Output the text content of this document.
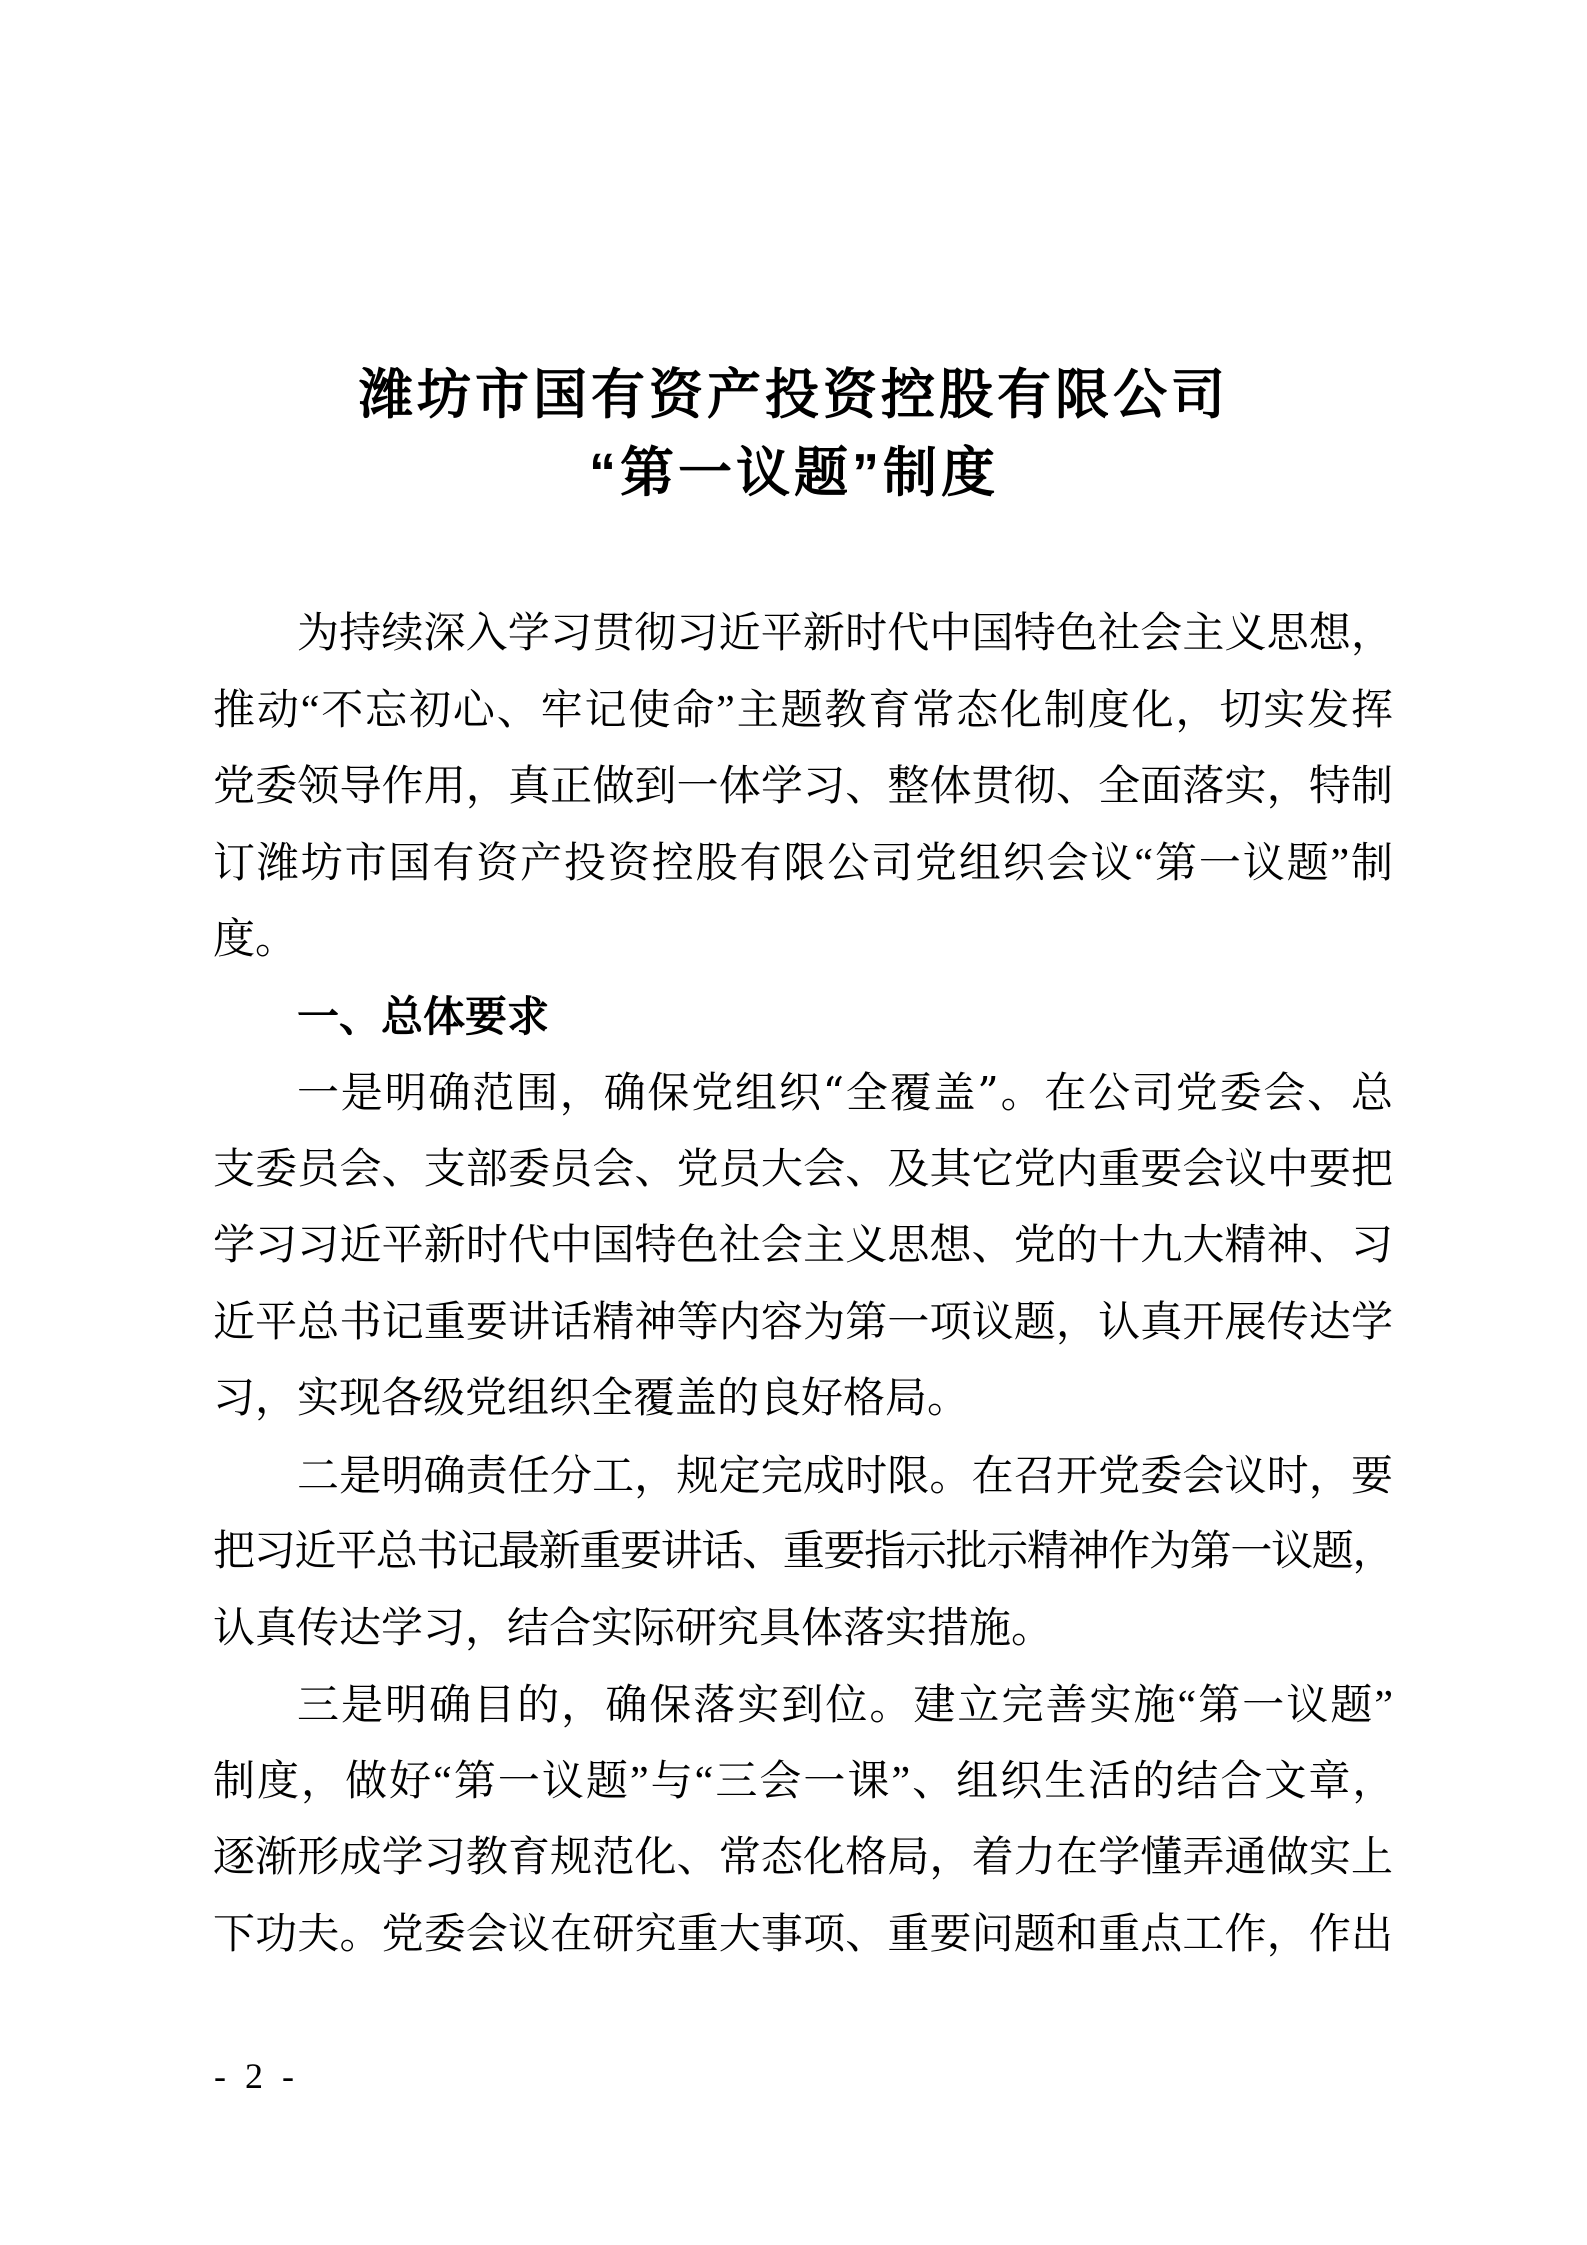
潍坊市国有资产投资控股有限公司
“第一议题”制度
为持续深入学习贯彻习近平新时代中国特色社会主义思想，
推动“不忘初心、牢记使命”主题教育常态化制度化，切实发挥
党委领导作用，真正做到一体学习、整体贯彻、全面落实，特制
订潍坊市国有资产投资控股有限公司党组织会议“第一议题”制
度。
一、总体要求
一是明确范围，确保党组织“全覆盖”。在公司党委会、总
支委员会、支部委员会、党员大会、及其它党内重要会议中要把
学习习近平新时代中国特色社会主义思想、党的十九大精神、习
近平总书记重要讲话精神等内容为第一项议题，认真开展传达学
习，实现各级党组织全覆盖的良好格局。
二是明确责任分工，规定完成时限。在召开党委会议时，要
把习近平总书记最新重要讲话、重要指示批示精神作为第一议题，
认真传达学习，结合实际研究具体落实措施。
三是明确目的，确保落实到位。建立完善实施“第一议题”
制度，做好“第一议题”与“三会一课”、组织生活的结合文章，
逐渐形成学习教育规范化、常态化格局，着力在学懂弄通做实上
下功夫。党委会议在研究重大事项、重要问题和重点工作，作出
- 2 -
